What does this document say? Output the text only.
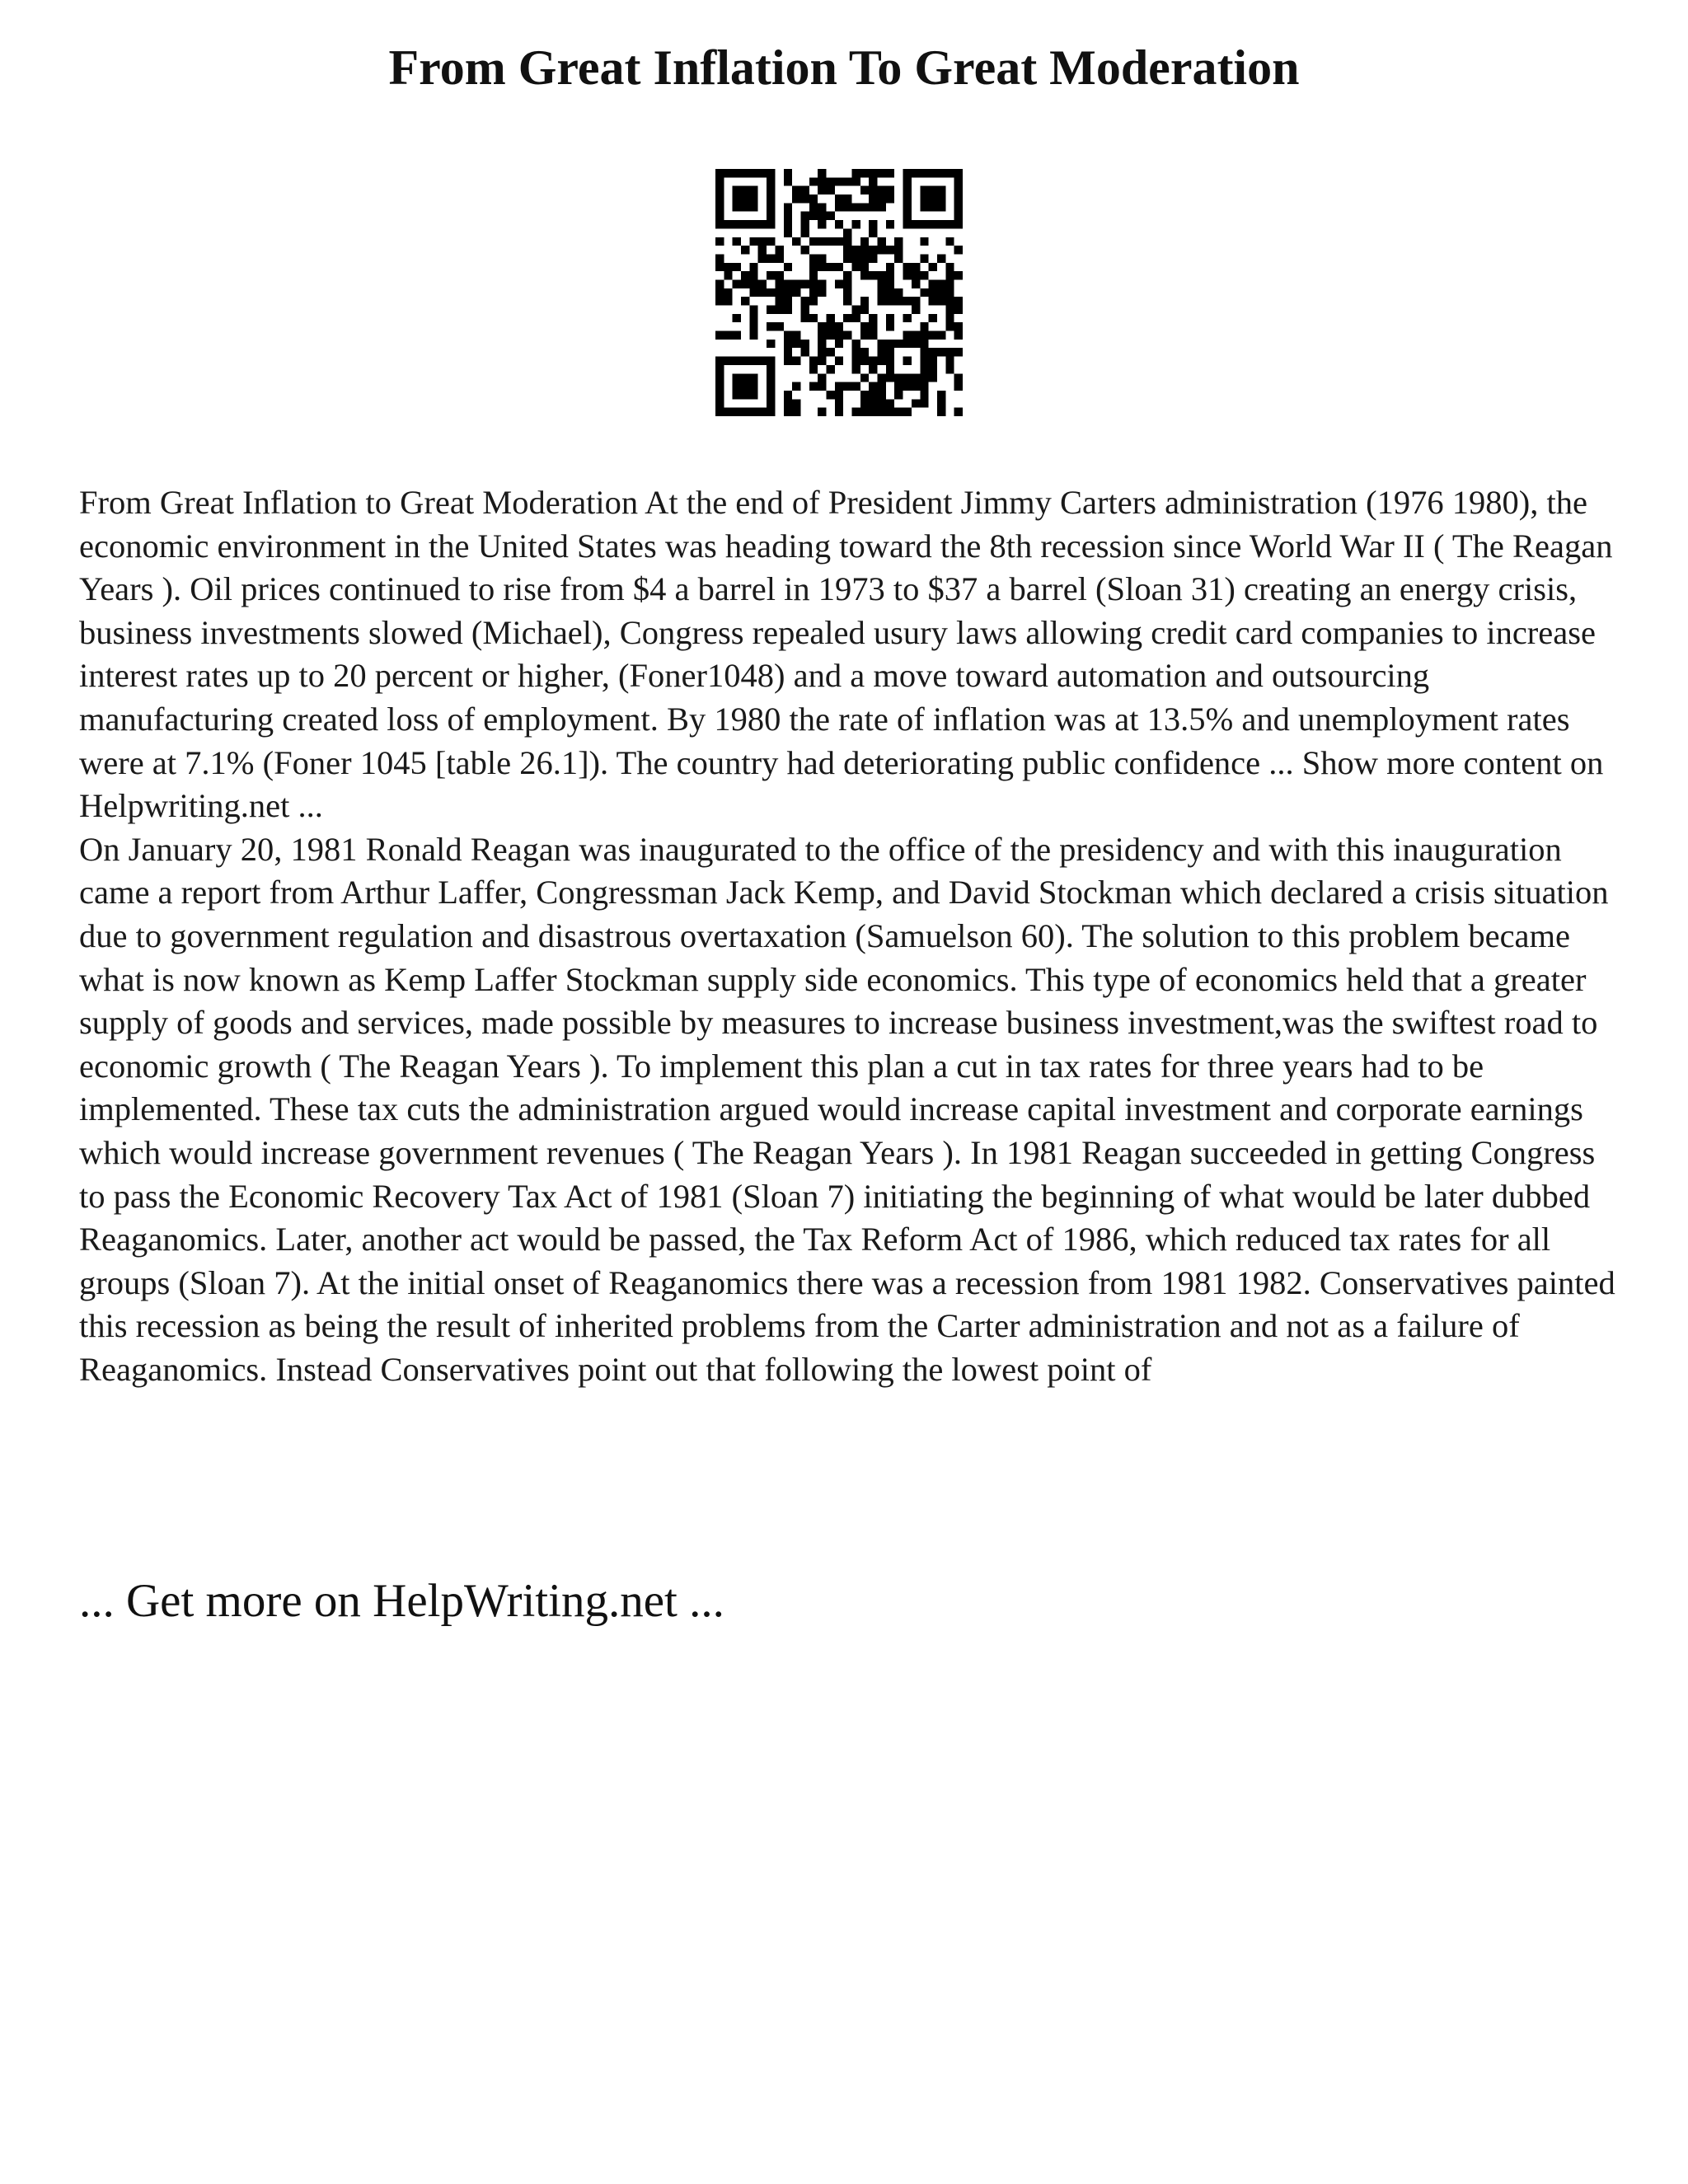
From Great Inflation To Great Moderation

From Great Inflation to Great Moderation At the end of President Jimmy Carters administration (1976 1980), the economic environment in the United States was heading toward the 8th recession since World War II ( The Reagan Years ). Oil prices continued to rise from $4 a barrel in 1973 to $37 a barrel (Sloan 31) creating an energy crisis, business investments slowed (Michael), Congress repealed usury laws allowing credit card companies to increase interest rates up to 20 percent or higher, (Foner1048) and a move toward automation and outsourcing manufacturing created loss of employment. By 1980 the rate of inflation was at 13.5% and unemployment rates were at 7.1% (Foner 1045 [table 26.1]). The country had deteriorating public confidence ... Show more content on Helpwriting.net ...

On January 20, 1981 Ronald Reagan was inaugurated to the office of the presidency and with this inauguration came a report from Arthur Laffer, Congressman Jack Kemp, and David Stockman which declared a crisis situation due to government regulation and disastrous overtaxation (Samuelson 60). The solution to this problem became what is now known as Kemp Laffer Stockman supply side economics. This type of economics held that a greater supply of goods and services, made possible by measures to increase business investment,was the swiftest road to economic growth ( The Reagan Years ). To implement this plan a cut in tax rates for three years had to be implemented. These tax cuts the administration argued would increase capital investment and corporate earnings which would increase government revenues ( The Reagan Years ). In 1981 Reagan succeeded in getting Congress to pass the Economic Recovery Tax Act of 1981 (Sloan 7) initiating the beginning of what would be later dubbed Reaganomics. Later, another act would be passed, the Tax Reform Act of 1986, which reduced tax rates for all groups (Sloan 7). At the initial onset of Reaganomics there was a recession from 1981 1982. Conservatives painted this recession as being the result of inherited problems from the Carter administration and not as a failure of Reaganomics. Instead Conservatives point out that following the lowest point of

... Get more on HelpWriting.net ...
